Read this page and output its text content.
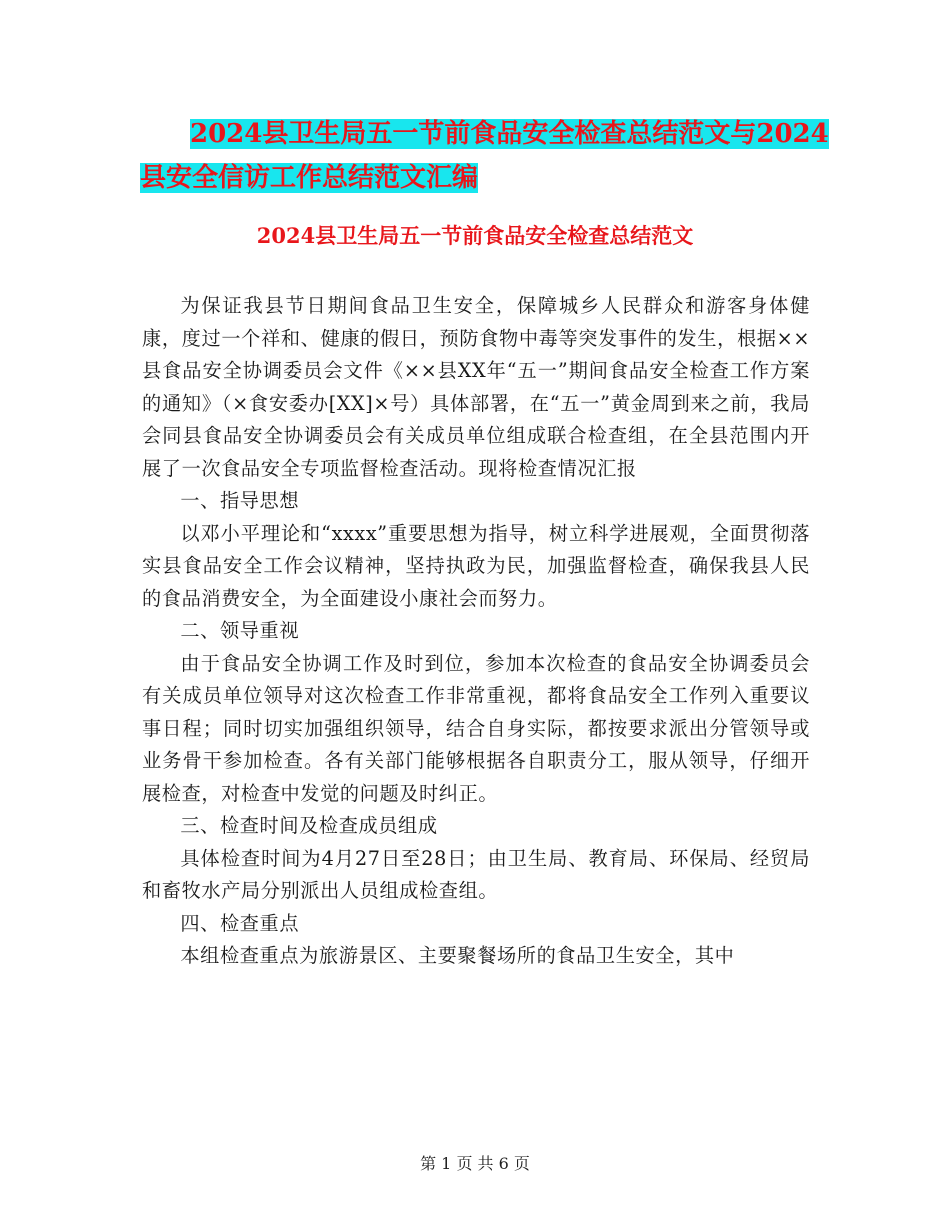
2024县卫生局五一节前食品安全检查总结范文与2024
县安全信访工作总结范文汇编
2024县卫生局五一节前食品安全检查总结范文

为保证我县节日期间食品卫生安全，保障城乡人民群众和游客身体健康，度过一个祥和、健康的假日，预防食物中毒等突发事件的发生，根据××县食品安全协调委员会文件《××县XX年“五一”期间食品安全检查工作方案的通知》（×食安委办[XX]×号）具体部署，在“五一”黄金周到来之前，我局会同县食品安全协调委员会有关成员单位组成联合检查组，在全县范围内开展了一次食品安全专项监督检查活动。现将检查情况汇报

一、指导思想

以邓小平理论和“xxxx”重要思想为指导，树立科学进展观，全面贯彻落实县食品安全工作会议精神，坚持执政为民，加强监督检查，确保我县人民的食品消费安全，为全面建设小康社会而努力。

二、领导重视

由于食品安全协调工作及时到位，参加本次检查的食品安全协调委员会有关成员单位领导对这次检查工作非常重视，都将食品安全工作列入重要议事日程；同时切实加强组织领导，结合自身实际，都按要求派出分管领导或业务骨干参加检查。各有关部门能够根据各自职责分工，服从领导，仔细开展检查，对检查中发觉的问题及时纠正。

三、检查时间及检查成员组成

具体检查时间为4月27日至28日；由卫生局、教育局、环保局、经贸局和畜牧水产局分别派出人员组成检查组。

四、检查重点

本组检查重点为旅游景区、主要聚餐场所的食品卫生安全，其中

第 1 页 共 6 页
